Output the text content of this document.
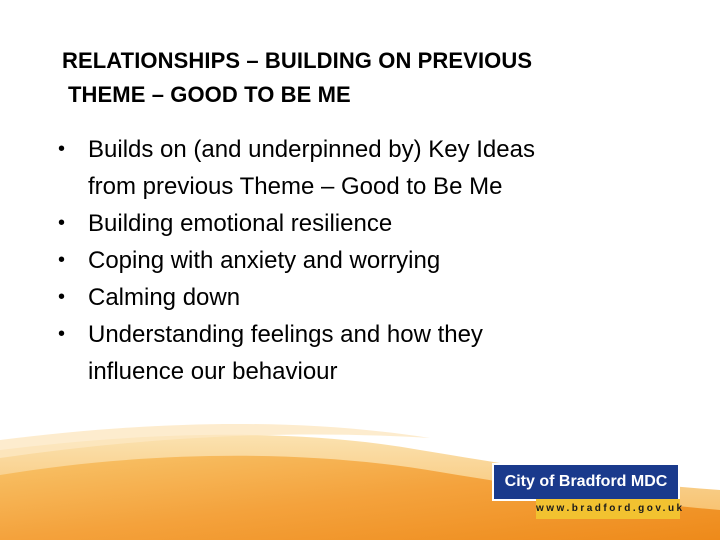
RELATIONSHIPS – BUILDING ON PREVIOUS
THEME – GOOD TO BE ME
• Builds on (and underpinned by) Key Ideas
from previous Theme – Good to Be Me
• Building emotional resilience
• Coping with anxiety and worrying
• Calming down
• Understanding feelings and how they
influence our behaviour
City of Bradford MDC
www.bradford.gov.uk
